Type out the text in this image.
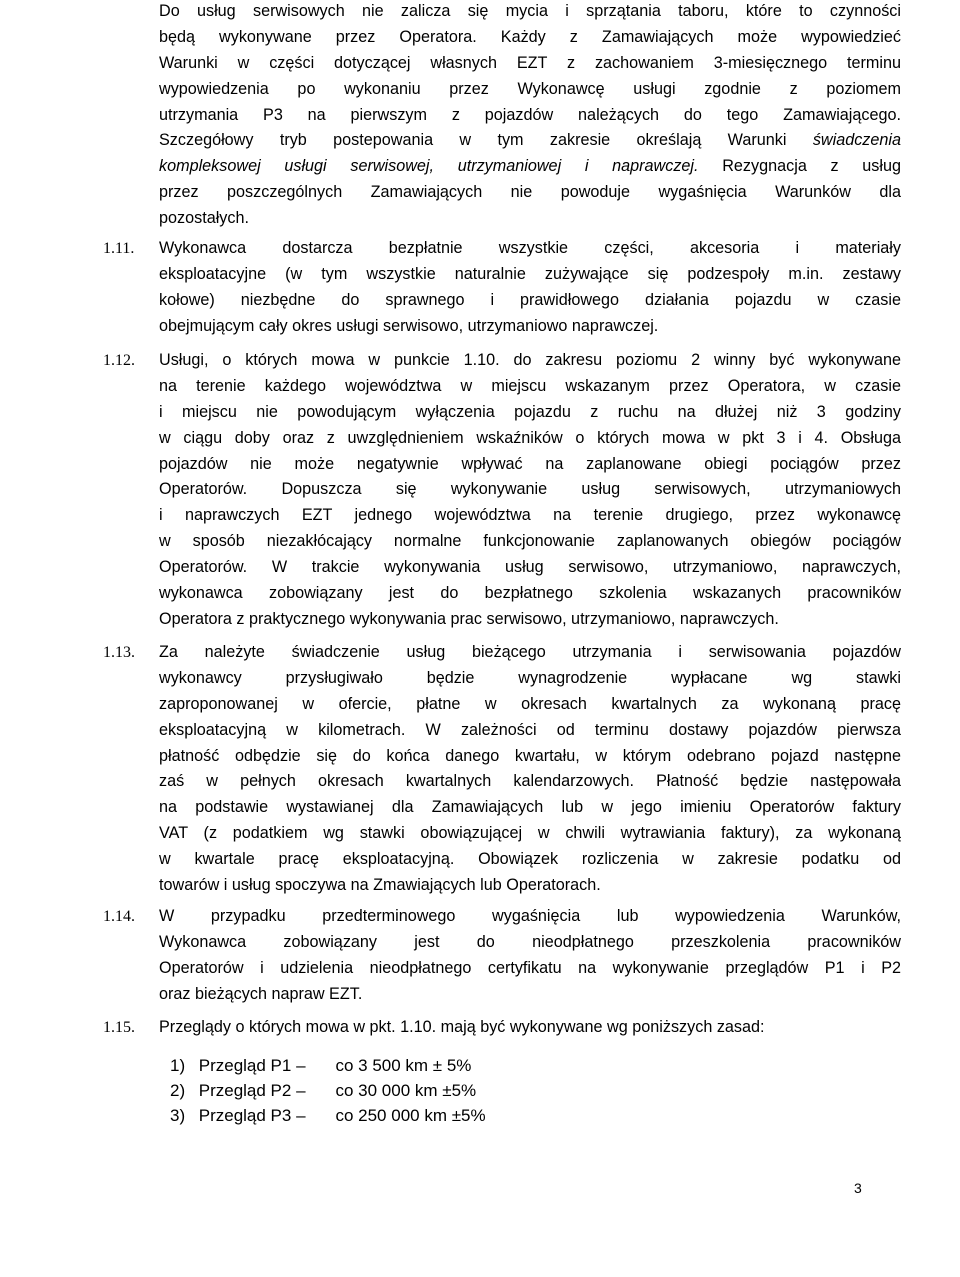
Do usług serwisowych nie zalicza się mycia i sprzątania taboru, które to czynności
będą wykonywane przez Operatora. Każdy z Zamawiających może wypowiedzieć
Warunki w części dotyczącej własnych EZT z zachowaniem 3-miesięcznego terminu
wypowiedzenia po wykonaniu przez Wykonawcę usługi zgodnie z poziomem
utrzymania P3 na pierwszym z pojazdów należących do tego Zamawiającego.
Szczegółowy tryb postepowania w tym zakresie określają Warunki świadczenia
kompleksowej usługi serwisowej, utrzymaniowej i naprawczej. Rezygnacja z usług
przez poszczególnych Zamawiających nie powoduje wygaśnięcia Warunków dla
pozostałych.
1.11. Wykonawca dostarcza bezpłatnie wszystkie części, akcesoria i materiały
eksploatacyjne (w tym wszystkie naturalnie zużywające się podzespoły m.in. zestawy
kołowe) niezbędne do sprawnego i prawidłowego działania pojazdu w czasie
obejmującym cały okres usługi serwisowo, utrzymaniowo naprawczej.
1.12. Usługi, o których mowa w punkcie 1.10. do zakresu poziomu 2 winny być wykonywane
na terenie każdego województwa w miejscu wskazanym przez Operatora, w czasie
i miejscu nie powodującym wyłączenia pojazdu z ruchu na dłużej niż 3 godziny
w ciągu doby oraz z uwzględnieniem wskaźników o których mowa w pkt 3 i 4. Obsługa
pojazdów nie może negatywnie wpływać na zaplanowane obiegi pociągów przez
Operatorów. Dopuszcza się wykonywanie usług serwisowych, utrzymaniowych
i naprawczych EZT jednego województwa na terenie drugiego, przez wykonawcę
w sposób niezakłócający normalne funkcjonowanie zaplanowanych obiegów pociągów
Operatorów. W trakcie wykonywania usług serwisowo, utrzymaniowo, naprawczych,
wykonawca zobowiązany jest do bezpłatnego szkolenia wskazanych pracowników
Operatora z praktycznego wykonywania prac serwisowo, utrzymaniowo, naprawczych.
1.13. Za należyte świadczenie usług bieżącego utrzymania i serwisowania pojazdów
wykonawcy przysługiwało będzie wynagrodzenie wypłacane wg stawki
zaproponowanej w ofercie, płatne w okresach kwartalnych za wykonaną pracę
eksploatacyjną w kilometrach. W zależności od terminu dostawy pojazdów pierwsza
płatność odbędzie się do końca danego kwartału, w którym odebrano pojazd następne
zaś w pełnych okresach kwartalnych kalendarzowych. Płatność będzie następowała
na podstawie wystawianej dla Zamawiających lub w jego imieniu Operatorów faktury
VAT (z podatkiem wg stawki obowiązującej w chwili wytrawiania faktury), za wykonaną
w kwartale pracę eksploatacyjną. Obowiązek rozliczenia w zakresie podatku od
towarów i usług spoczywa na Zmawiających lub Operatorach.
1.14. W przypadku przedterminowego wygaśnięcia lub wypowiedzenia Warunków,
Wykonawca zobowiązany jest do nieodpłatnego przeszkolenia pracowników
Operatorów i udzielenia nieodpłatnego certyfikatu na wykonywanie przeglądów P1 i P2
oraz bieżących napraw EZT.
1.15. Przeglądy o których mowa w pkt. 1.10. mają być wykonywane wg poniższych zasad:
1) Przegląd P1 – co 3 500 km ± 5%
2) Przegląd P2 – co 30 000 km ±5%
3) Przegląd P3 – co 250 000 km ±5%
3
